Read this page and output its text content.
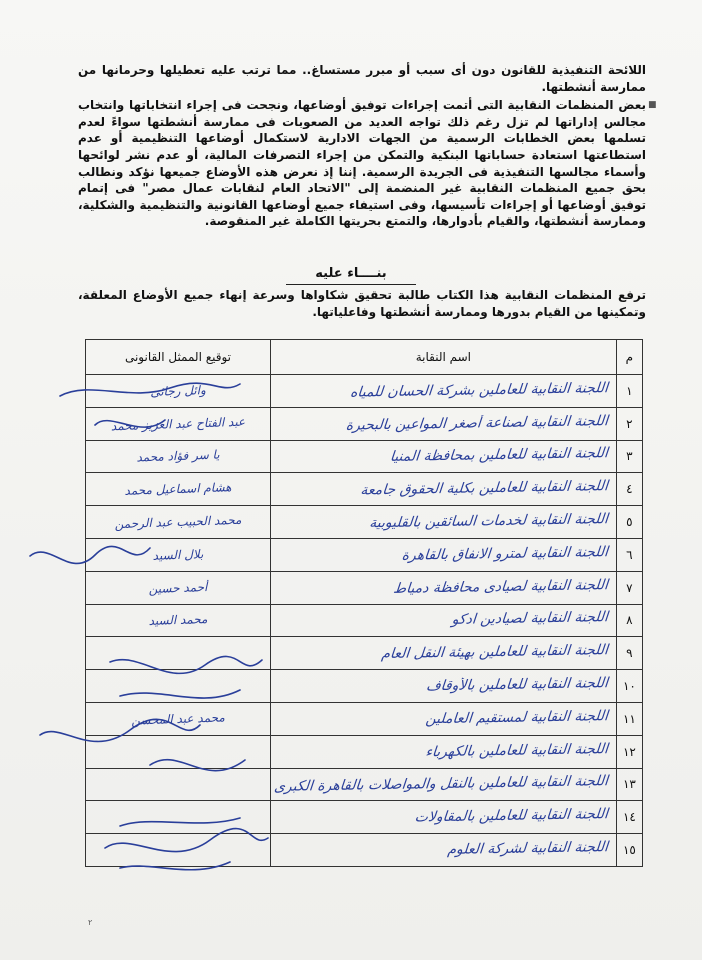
■

اللائحة التنفيذية للقانون دون أى سبب أو مبرر مستساغ.. مما ترتب عليه تعطيلها وحرمانها من ممارسة أنشطتها.

بعض المنظمات النقابية التى أتمت إجراءات توفيق أوضاعها، ونجحت فى إجراء انتخاباتها وانتخاب مجالس إداراتها لم تزل رغم ذلك تواجه العديد من الصعوبات فى ممارسة أنشطتها سواءً لعدم تسلمها بعض الخطابات الرسمية من الجهات الادارية لاستكمال أوضاعها التنظيمية أو عدم استطاعتها استعادة حساباتها البنكية والتمكن من إجراء التصرفات المالية، أو عدم نشر لوائحها وأسماء مجالسها التنفيذية فى الجريدة الرسمية. إننا إذ نعرض هذه الأوضاع جميعها نؤكد ونطالب بحق جميع المنظمات النقابية غير المنضمة إلى "الاتحاد العام لنقابات عمال مصر" فى إتمام توفيق أوضاعها أو إجراءات تأسيسها، وفى استيفاء جميع أوضاعها القانونية والتنظيمية والشكلية، وممارسة أنشطتها، والقيام بأدوارها، والتمتع بحريتها الكاملة غير المنقوصة.

بنــــاء عليه
ترفع المنظمات النقابية هذا الكتاب طالبة تحقيق شكاواها وسرعة إنهاء جميع الأوضاع المعلقة، وتمكينها من القيام بدورها وممارسة أنشطتها وفاعلياتها.
م	اسم النقابة	توقيع الممثل القانونى
١	اللجنة النقابية للعاملين بشركة الحسان للمياه	وائل رجائى

٢	اللجنة النقابية لصناعة أصغر المواعين بالبحيرة	عبد الفتاح عبد العزيز محمد

٣	اللجنة النقابية للعاملين بمحافظة المنيا	يا سر فؤاد محمد

٤	اللجنة النقابية للعاملين بكلية الحقوق جامعة	هشام اسماعيل محمد

٥	اللجنة النقابية لخدمات السائقين بالقليوبية	محمد الحبيب عبد الرحمن

٦	اللجنة النقابية لمترو الانفاق بالقاهرة	بلال السيد

٧	اللجنة النقابية لصيادى محافظة دمياط	أحمد حسين

٨	اللجنة النقابية لصيادين ادكو	محمد السيد

٩	اللجنة النقابية للعاملين بهيئة النقل العام	

١٠	اللجنة النقابية للعاملين بالأوقاف	

١١	اللجنة النقابية لمستقيم العاملين	محمد عبد المحسن

١٢	اللجنة النقابية للعاملين بالكهرباء	

١٣	اللجنة النقابية للعاملين بالنقل والمواصلات بالقاهرة الكبرى	

١٤	اللجنة النقابية للعاملين بالمقاولات	

١٥	اللجنة النقابية لشركة العلوم	

٢
